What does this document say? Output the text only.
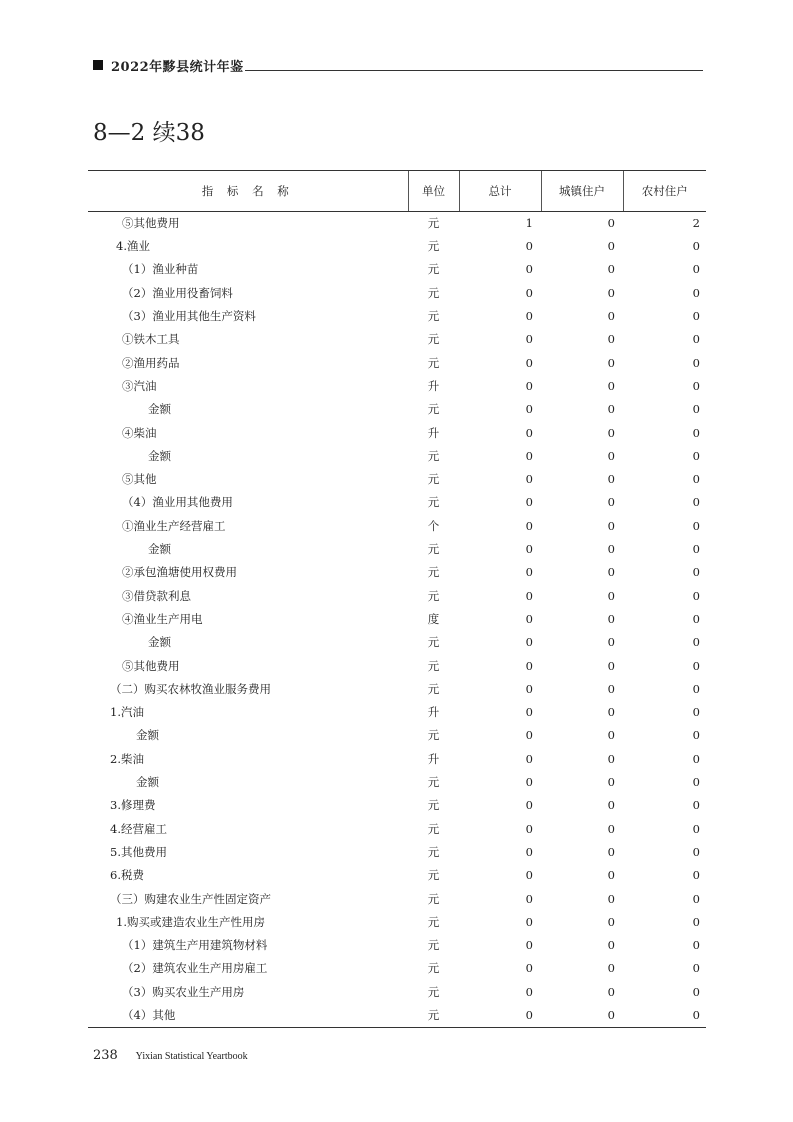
2022年黟县统计年鉴
8—2 续38
指 标 名 称	单位	总计	城镇住户	农村住户
⑤其他费用	元	1	0	2
4.渔业	元	0	0	0
（1）渔业种苗	元	0	0	0
（2）渔业用役畜饲料	元	0	0	0
（3）渔业用其他生产资料	元	0	0	0
①铁木工具	元	0	0	0
②渔用药品	元	0	0	0
③汽油	升	0	0	0
金额	元	0	0	0
④柴油	升	0	0	0
金额	元	0	0	0
⑤其他	元	0	0	0
（4）渔业用其他费用	元	0	0	0
①渔业生产经营雇工	个	0	0	0
金额	元	0	0	0
②承包渔塘使用权费用	元	0	0	0
③借贷款利息	元	0	0	0
④渔业生产用电	度	0	0	0
金额	元	0	0	0
⑤其他费用	元	0	0	0
（二）购买农林牧渔业服务费用	元	0	0	0
1.汽油	升	0	0	0
金额	元	0	0	0
2.柴油	升	0	0	0
金额	元	0	0	0
3.修理费	元	0	0	0
4.经营雇工	元	0	0	0
5.其他费用	元	0	0	0
6.税费	元	0	0	0
（三）购建农业生产性固定资产	元	0	0	0
1.购买或建造农业生产性用房	元	0	0	0
（1）建筑生产用建筑物材料	元	0	0	0
（2）建筑农业生产用房雇工	元	0	0	0
（3）购买农业生产用房	元	0	0	0
（4）其他	元	0	0	0
238 Yixian Statistical Yeartbook
